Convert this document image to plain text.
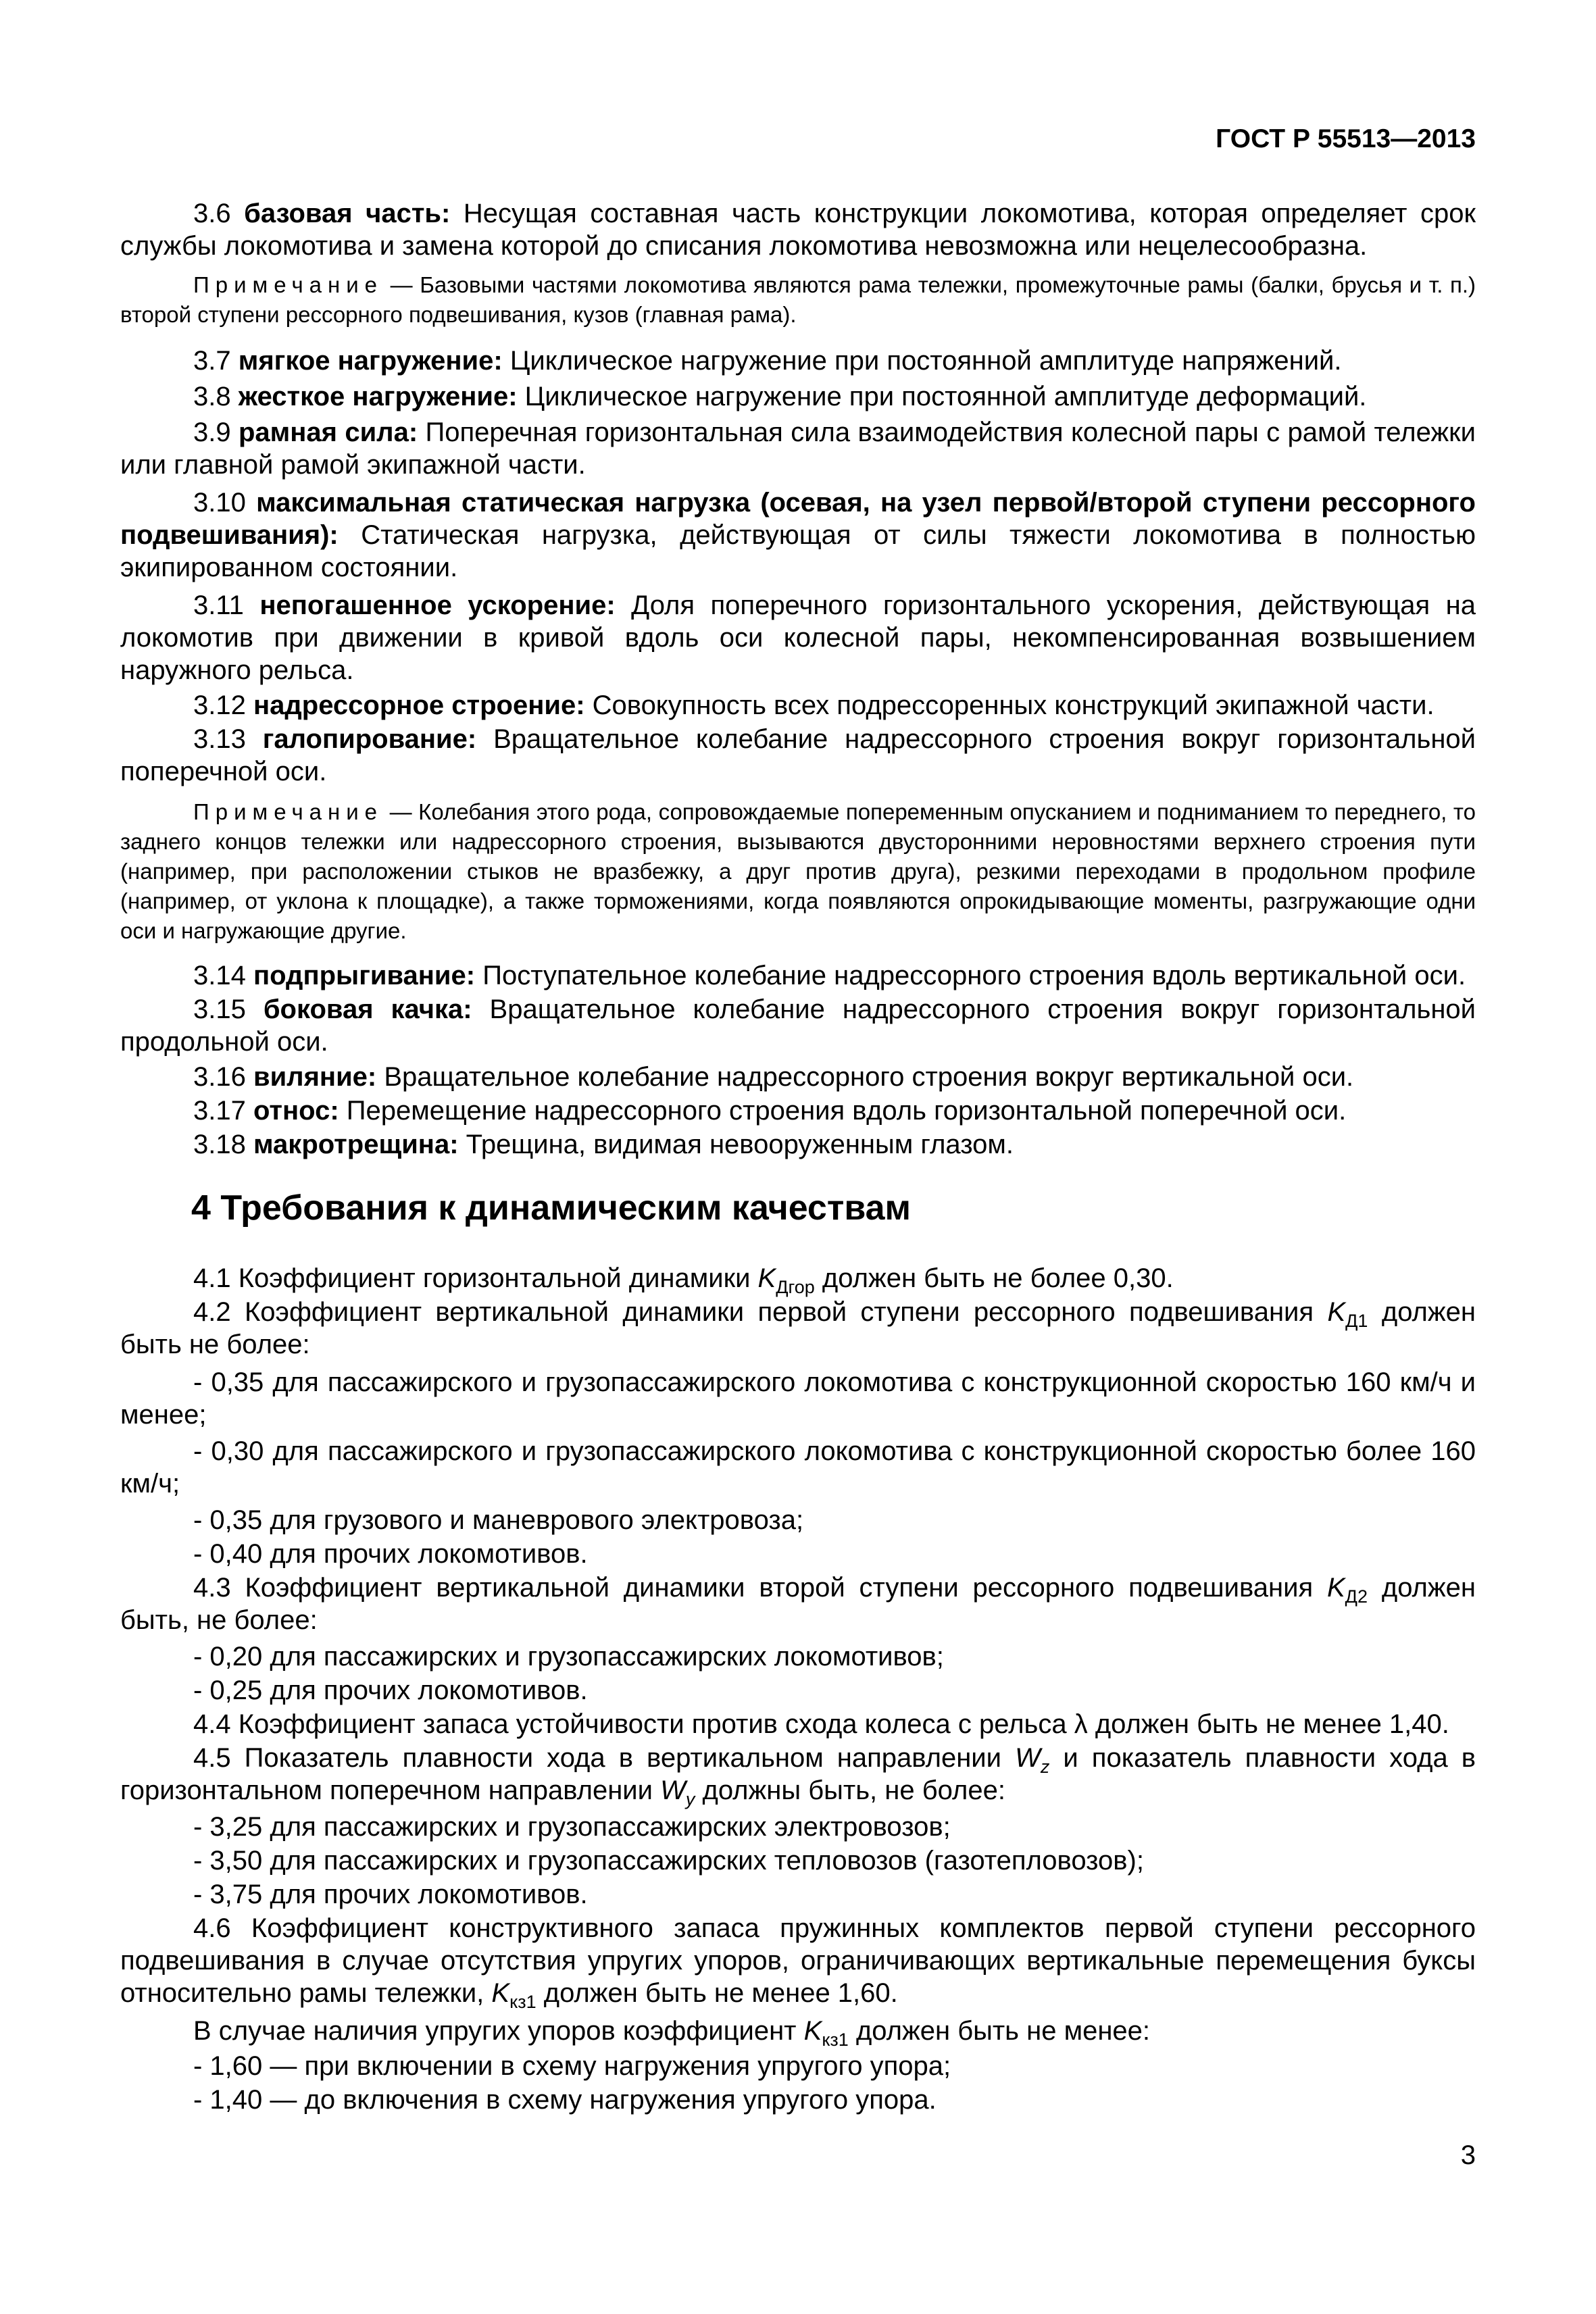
ГОСТ Р 55513—2013

3.6 базовая часть: Несущая составная часть конструкции локомотива, которая определяет срок службы локомотива и замена которой до списания локомотива невозможна или нецелесообразна.

Примечание — Базовыми частями локомотива являются рама тележки, промежуточные рамы (балки, брусья и т. п.) второй ступени рессорного подвешивания, кузов (главная рама).

3.7 мягкое нагружение: Циклическое нагружение при постоянной амплитуде напряжений.

3.8 жесткое нагружение: Циклическое нагружение при постоянной амплитуде деформаций.

3.9 рамная сила: Поперечная горизонтальная сила взаимодействия колесной пары с рамой тележки или главной рамой экипажной части.

3.10 максимальная статическая нагрузка (осевая, на узел первой/второй ступени рессорного подвешивания): Статическая нагрузка, действующая от силы тяжести локомотива в полностью экипированном состоянии.

3.11 непогашенное ускорение: Доля поперечного горизонтального ускорения, действующая на локомотив при движении в кривой вдоль оси колесной пары, некомпенсированная возвышением наружного рельса.

3.12 надрессорное строение: Совокупность всех подрессоренных конструкций экипажной части.

3.13 галопирование: Вращательное колебание надрессорного строения вокруг горизонтальной поперечной оси.

Примечание — Колебания этого рода, сопровождаемые попеременным опусканием и подниманием то переднего, то заднего концов тележки или надрессорного строения, вызываются двусторонними неровностями верхнего строения пути (например, при расположении стыков не вразбежку, а друг против друга), резкими переходами в продольном профиле (например, от уклона к площадке), а также торможениями, когда появляются опрокидывающие моменты, разгружающие одни оси и нагружающие другие.

3.14 подпрыгивание: Поступательное колебание надрессорного строения вдоль вертикальной оси.

3.15 боковая качка: Вращательное колебание надрессорного строения вокруг горизонтальной продольной оси.

3.16 виляние: Вращательное колебание надрессорного строения вокруг вертикальной оси.

3.17 относ: Перемещение надрессорного строения вдоль горизонтальной поперечной оси.

3.18 макротрещина: Трещина, видимая невооруженным глазом.

4 Требования к динамическим качествам

4.1 Коэффициент горизонтальной динамики $K_{Дгор}$ должен быть не более 0,30.

4.2 Коэффициент вертикальной динамики первой ступени рессорного подвешивания $K_{Д1}$ должен быть не более:

- 0,35 для пассажирского и грузопассажирского локомотива с конструкционной скоростью 160 км/ч и менее;

- 0,30 для пассажирского и грузопассажирского локомотива с конструкционной скоростью более 160 км/ч;

- 0,35 для грузового и маневрового электровоза;

- 0,40 для прочих локомотивов.

4.3 Коэффициент вертикальной динамики второй ступени рессорного подвешивания $K_{Д2}$ должен быть, не более:

- 0,20 для пассажирских и грузопассажирских локомотивов;

- 0,25 для прочих локомотивов.

4.4 Коэффициент запаса устойчивости против схода колеса с рельса λ должен быть не менее 1,40.

4.5 Показатель плавности хода в вертикальном направлении $W_z$ и показатель плавности хода в горизонтальном поперечном направлении $W_y$ должны быть, не более:

- 3,25 для пассажирских и грузопассажирских электровозов;

- 3,50 для пассажирских и грузопассажирских тепловозов (газотепловозов);

- 3,75 для прочих локомотивов.

4.6 Коэффициент конструктивного запаса пружинных комплектов первой ступени рессорного подвешивания в случае отсутствия упругих упоров, ограничивающих вертикальные перемещения буксы относительно рамы тележки, $K_{кз1}$ должен быть не менее 1,60.

В случае наличия упругих упоров коэффициент $K_{кз1}$ должен быть не менее:

- 1,60 — при включении в схему нагружения упругого упора;

- 1,40 — до включения в схему нагружения упругого упора.

3
